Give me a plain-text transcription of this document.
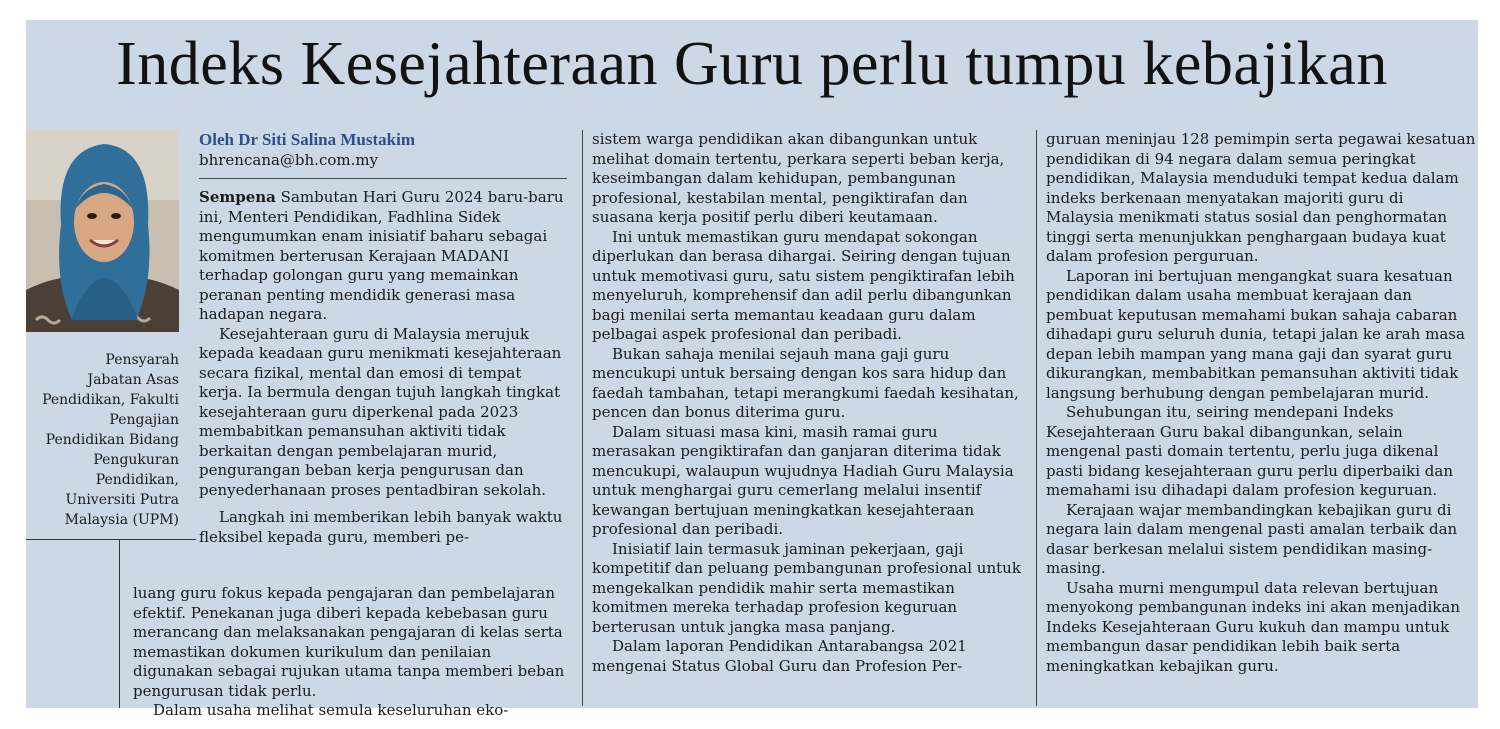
Indeks Kesejahteraan Guru perlu tumpu kebajikan
Pensyarah
Jabatan Asas
Pendidikan, Fakulti
Pengajian
Pendidikan Bidang
Pengukuran
Pendidikan,
Universiti Putra
Malaysia (UPM)
Oleh Dr Siti Salina Mustakim
bhrencana@bh.com.my

Sempena Sambutan Hari Guru 2024 baru-baru ini, Menteri Pendidikan, Fadhlina Sidek mengumumkan enam inisiatif baharu sebagai komitmen berterusan Kerajaan MADANI terhadap golongan guru yang memainkan peranan penting mendidik generasi masa hadapan negara.

Kesejahteraan guru di Malaysia merujuk kepada keadaan guru menikmati kesejahteraan secara fizikal, mental dan emosi di tempat kerja. Ia bermula dengan tujuh langkah tingkat kesejahteraan guru diperkenal pada 2023 membabitkan pemansuhan aktiviti tidak berkaitan dengan pembelajaran murid, pengurangan beban kerja pengurusan dan penyederhanaan proses pentadbiran sekolah.

Langkah ini memberikan lebih banyak waktu fleksibel kepada guru, memberi pe-

luang guru fokus kepada pengajaran dan pembelajaran efektif. Penekanan juga diberi kepada kebebasan guru merancang dan melaksanakan pengajaran di kelas serta memastikan dokumen kurikulum dan penilaian digunakan sebagai rujukan utama tanpa memberi beban pengurusan tidak perlu.

Dalam usaha melihat semula keseluruhan eko-

sistem warga pendidikan akan dibangunkan untuk melihat domain tertentu, perkara seperti beban kerja, keseimbangan dalam kehidupan, pembangunan profesional, kestabilan mental, pengiktirafan dan suasana kerja positif perlu diberi keutamaan.

Ini untuk memastikan guru mendapat sokongan diperlukan dan berasa dihargai. Seiring dengan tujuan untuk memotivasi guru, satu sistem pengiktirafan lebih menyeluruh, komprehensif dan adil perlu dibangunkan bagi menilai serta memantau keadaan guru dalam pelbagai aspek profesional dan peribadi.

Bukan sahaja menilai sejauh mana gaji guru mencukupi untuk bersaing dengan kos sara hidup dan faedah tambahan, tetapi merangkumi faedah kesihatan, pencen dan bonus diterima guru.

Dalam situasi masa kini, masih ramai guru merasakan pengiktirafan dan ganjaran diterima tidak mencukupi, walaupun wujudnya Hadiah Guru Malaysia untuk menghargai guru cemerlang melalui insentif kewangan bertujuan meningkatkan kesejahteraan profesional dan peribadi.

Inisiatif lain termasuk jaminan pekerjaan, gaji kompetitif dan peluang pembangunan profesional untuk mengekalkan pendidik mahir serta memastikan komitmen mereka terhadap profesion keguruan berterusan untuk jangka masa panjang.

Dalam laporan Pendidikan Antarabangsa 2021 mengenai Status Global Guru dan Profesion Per-

guruan meninjau 128 pemimpin serta pegawai kesatuan pendidikan di 94 negara dalam semua peringkat pendidikan, Malaysia menduduki tempat kedua dalam indeks berkenaan menyatakan majoriti guru di Malaysia menikmati status sosial dan penghormatan tinggi serta menunjukkan penghargaan budaya kuat dalam profesion perguruan.

Laporan ini bertujuan mengangkat suara kesatuan pendidikan dalam usaha membuat kerajaan dan pembuat keputusan memahami bukan sahaja cabaran dihadapi guru seluruh dunia, tetapi jalan ke arah masa depan lebih mampan yang mana gaji dan syarat guru dikurangkan, membabitkan pemansuhan aktiviti tidak langsung berhubung dengan pembelajaran murid.

Sehubungan itu, seiring mendepani Indeks Kesejahteraan Guru bakal dibangunkan, selain mengenal pasti domain tertentu, perlu juga dikenal pasti bidang kesejahteraan guru perlu diperbaiki dan memahami isu dihadapi dalam profesion keguruan.

Kerajaan wajar membandingkan kebajikan guru di negara lain dalam mengenal pasti amalan terbaik dan dasar berkesan melalui sistem pendidikan masing-masing.

Usaha murni mengumpul data relevan bertujuan menyokong pembangunan indeks ini akan menjadikan Indeks Kesejahteraan Guru kukuh dan mampu untuk membangun dasar pendidikan lebih baik serta meningkatkan kebajikan guru.
